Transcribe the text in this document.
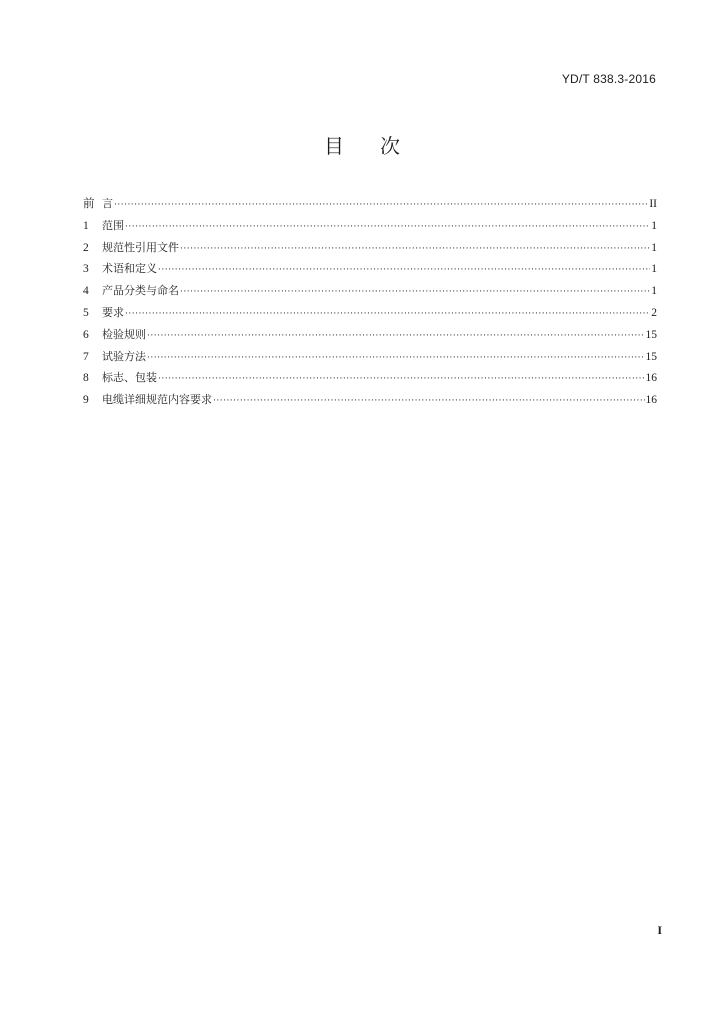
YD/T 838.3-2016
目 次
前 言 ·····	II
1	范围 ·····	1
2	规范性引用文件 ·····	1
3	术语和定义 ·····	1
4	产品分类与命名 ·····	1
5	要求 ·····	2
6	检验规则 ·····	15
7	试验方法 ·····	15
8	标志、包装 ·····	16
9	电缆详细规范内容要求 ·····	16
I
